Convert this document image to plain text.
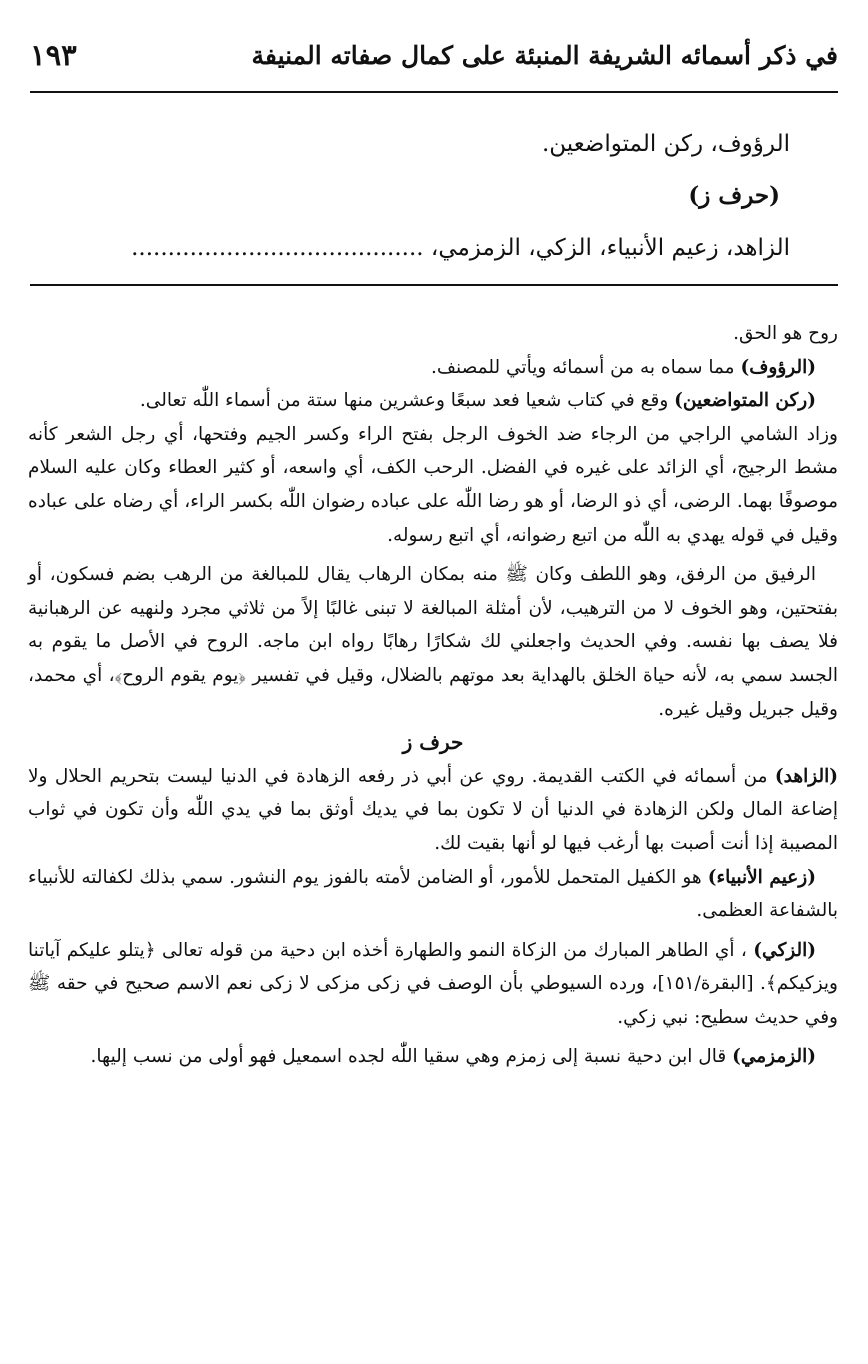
في ذكر أسمائه الشريفة المنبئة على كمال صفاته المنيفة
١٩٣

الرؤوف، ركن المتواضعين.

(حرف ز)

الزاهد، زعيم الأنبياء، الزكي، الزمزمي، ........................................

روح هو الحق.

(الرؤوف) مما سماه به من أسمائه ويأتي للمصنف.

(ركن المتواضعين) وقع في كتاب شعيا فعد سبعًا وعشرين منها ستة من أسماء اللّٰه تعالى.

وزاد الشامي الراجي من الرجاء ضد الخوف الرجل بفتح الراء وكسر الجيم وفتحها، أي رجل الشعر كأنه مشط الرجيج، أي الزائد على غيره في الفضل. الرحب الكف، أي واسعه، أو كثير العطاء وكان عليه السلام موصوفًا بهما. الرضى، أي ذو الرضا، أو هو رضا اللّٰه على عباده رضوان اللّٰه بكسر الراء، أي رضاه على عباده وقيل في قوله يهدي به اللّٰه من اتبع رضوانه، أي اتبع رسوله.

الرفيق من الرفق، وهو اللطف وكان ﷺ منه بمكان الرهاب يقال للمبالغة من الرهب بضم فسكون، أو بفتحتين، وهو الخوف لا من الترهيب، لأن أمثلة المبالغة لا تبنى غالبًا إلاً من ثلاثي مجرد ولنهيه عن الرهبانية فلا يصف بها نفسه. وفي الحديث واجعلني لك شكارًا رهابًا رواه ابن ماجه. الروح في الأصل ما يقوم به الجسد سمي به، لأنه حياة الخلق بالهداية بعد موتهم بالضلال، وقيل في تفسير ﴿يوم يقوم الروح﴾، أي محمد، وقيل جبريل وقيل غيره.

حرف ز

(الزاهد) من أسمائه في الكتب القديمة. روي عن أبي ذر رفعه الزهادة في الدنيا ليست بتحريم الحلال ولا إضاعة المال ولكن الزهادة في الدنيا أن لا تكون بما في يديك أوثق بما في يدي اللّٰه وأن تكون في ثواب المصيبة إذا أنت أصبت بها أرغب فيها لو أنها بقيت لك.

(زعيم الأنبياء) هو الكفيل المتحمل للأمور، أو الضامن لأمته بالفوز يوم النشور. سمي بذلك لكفالته للأنبياء بالشفاعة العظمى.

(الزكي) ، أي الطاهر المبارك من الزكاة النمو والطهارة أخذه ابن دحية من قوله تعالى ﴿يتلو عليكم آياتنا ويزكيكم﴾. [البقرة/١٥١]، ورده السيوطي بأن الوصف في زكى مزكى لا زكى نعم الاسم صحيح في حقه ﷺ وفي حديث سطيح: نبي زكي.

(الزمزمي) قال ابن دحية نسبة إلى زمزم وهي سقيا اللّٰه لجده اسمعيل فهو أولى من نسب إليها.
